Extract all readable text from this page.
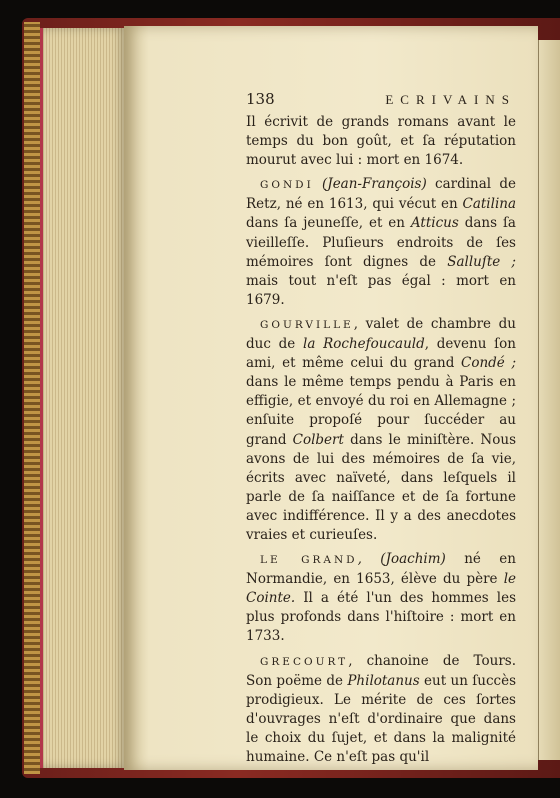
138	ECRIVAINS

Il écrivit de grands romans avant le temps du bon goût, et ſa réputation mourut avec lui : mort en 1674.

GONDI (Jean-François) cardinal de Retz, né en 1613, qui vécut en Catilina dans ſa jeuneſſe, et en Atticus dans ſa vieilleſſe. Pluſieurs endroits de ſes mémoires ſont dignes de Salluſte ; mais tout n'eſt pas égal : mort en 1679.

GOURVILLE, valet de chambre du duc de la Rochefoucauld, devenu ſon ami, et même celui du grand Condé ; dans le même temps pendu à Paris en effigie, et envoyé du roi en Allemagne ; enſuite propoſé pour ſuccéder au grand Colbert dans le miniſtère. Nous avons de lui des mémoires de ſa vie, écrits avec naïveté, dans leſquels il parle de ſa naiſſance et de ſa fortune avec indifférence. Il y a des anecdotes vraies et curieuſes.

LE GRAND, (Joachim) né en Normandie, en 1653, élève du père le Cointe. Il a été l'un des hommes les plus profonds dans l'hiſtoire : mort en 1733.

GRECOURT, chanoine de Tours. Son poëme de Philotanus eut un ſuccès prodigieux. Le mérite de ces ſortes d'ouvrages n'eſt d'ordinaire que dans le choix du ſujet, et dans la malignité humaine. Ce n'eſt pas qu'il
